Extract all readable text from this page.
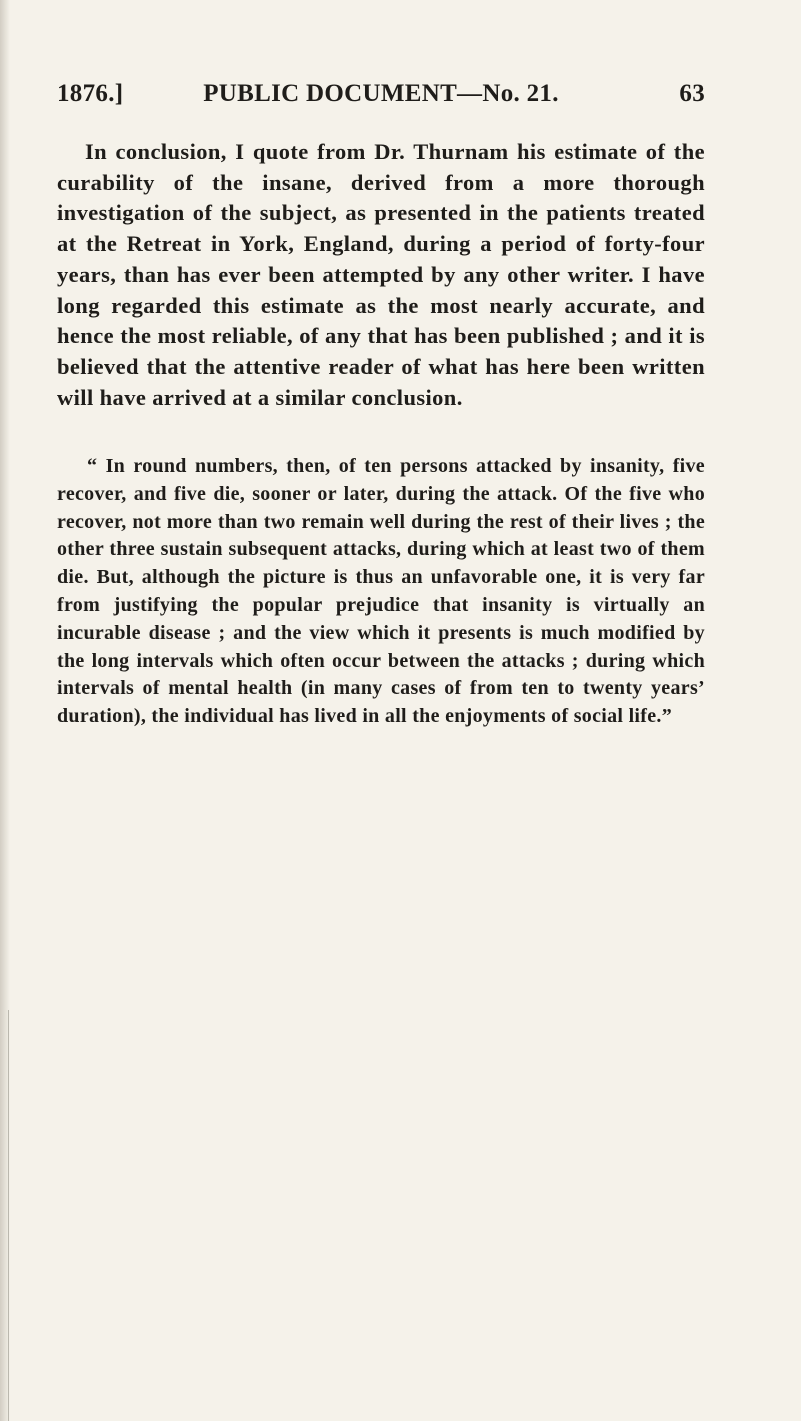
1876.]	PUBLIC DOCUMENT—No. 21.	63

In conclusion, I quote from Dr. Thurnam his estimate of the curability of the insane, derived from a more thorough investigation of the subject, as presented in the patients treated at the Retreat in York, England, during a period of forty-four years, than has ever been attempted by any other writer. I have long regarded this estimate as the most nearly accurate, and hence the most reliable, of any that has been published ; and it is believed that the attentive reader of what has here been written will have arrived at a similar conclusion.

“ In round numbers, then, of ten persons attacked by insanity, five recover, and five die, sooner or later, during the attack. Of the five who recover, not more than two remain well during the rest of their lives ; the other three sustain subsequent attacks, during which at least two of them die. But, although the picture is thus an unfavorable one, it is very far from justifying the popular prejudice that insanity is virtually an incurable disease ; and the view which it presents is much modified by the long intervals which often occur between the attacks ; during which intervals of mental health (in many cases of from ten to twenty years’ duration), the individual has lived in all the enjoyments of social life.”
